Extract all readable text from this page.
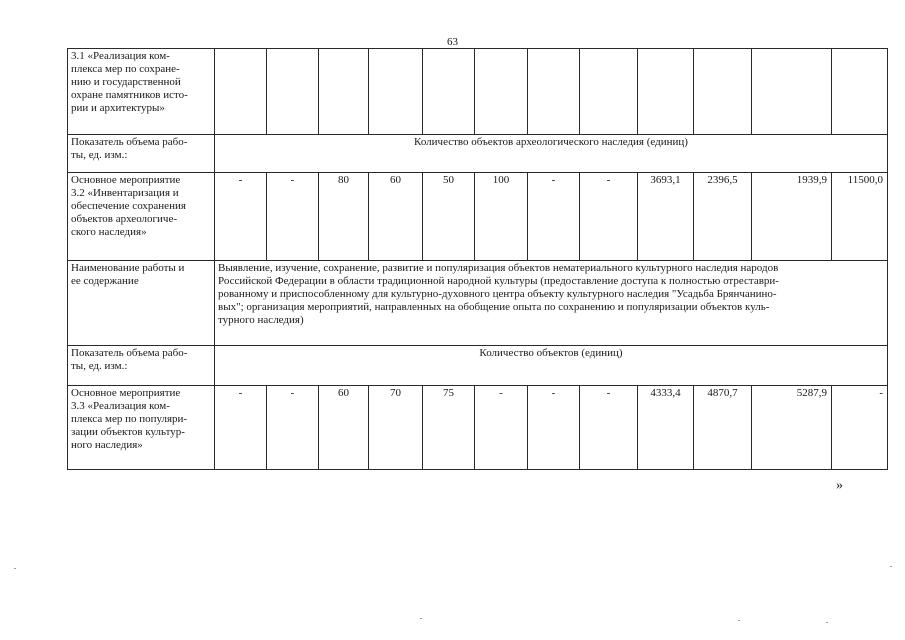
63
3.1 «Реализация ком-
плекса мер по сохране-
нию и государственной
охране памятников исто-
рии и архитектуры»												
Показатель объема рабо-
ты, ед. изм.:	Количество объектов археологического наследия (единиц)											
Основное мероприятие
3.2 «Инвентаризация и
обеспечение сохранения
объектов археологиче-
ского наследия»	-	-	80	60	50	100	-	-	3693,1	2396,5	1939,9	11500,0
Наименование работы и
ее содержание	Выявление, изучение, сохранение, развитие и популяризация объектов нематериального культурного наследия народов
Российской Федерации в области традиционной народной культуры (предоставление доступа к полностью отреставри-
рованному и приспособленному для культурно-духовного центра объекту культурного наследия "Усадьба Брянчанино-
вых"; организация мероприятий, направленных на обобщение опыта по сохранению и популяризации объектов куль-
турного наследия)											
Показатель объема рабо-
ты, ед. изм.:	Количество объектов (единиц)											
Основное мероприятие
3.3 «Реализация ком-
плекса мер по популяри-
зации объектов культур-
ного наследия»	-	-	60	70	75	-	-	-	4333,4	4870,7	5287,9	-
»
